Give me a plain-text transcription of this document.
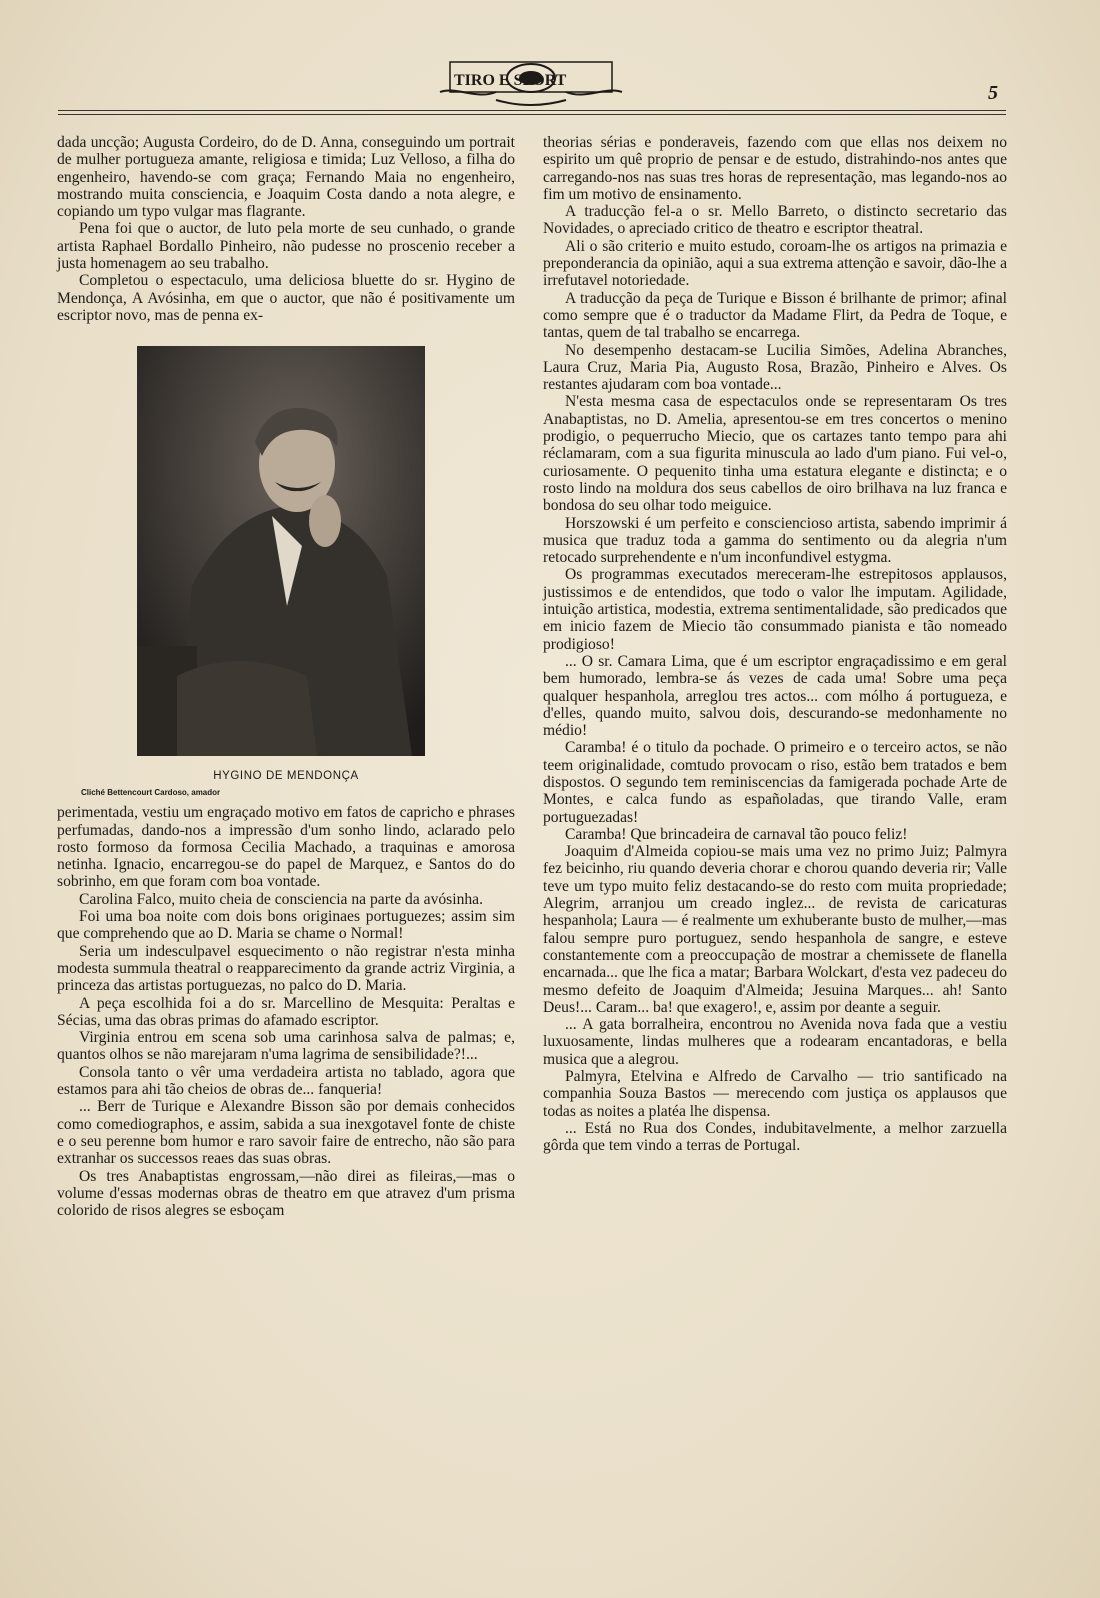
TIRO E SPORT
5

dada uncção; Augusta Cordeiro, do de D. Anna, conseguindo um portrait de mulher portugueza amante, religiosa e timida; Luz Velloso, a filha do engenheiro, havendo-se com graça; Fernando Maia no engenheiro, mostrando muita consciencia, e Joaquim Costa dando a nota alegre, e copiando um typo vulgar mas flagrante.

Pena foi que o auctor, de luto pela morte de seu cunhado, o grande artista Raphael Bordallo Pinheiro, não pudesse no proscenio receber a justa homenagem ao seu trabalho.

Completou o espectaculo, uma deliciosa bluette do sr. Hygino de Mendonça, A Avósinha, em que o auctor, que não é positivamente um escriptor novo, mas de penna ex-

HYGINO DE MENDONÇA
Cliché Bettencourt Cardoso, amador

perimentada, vestiu um engraçado motivo em fatos de capricho e phrases perfumadas, dando-nos a impressão d'um sonho lindo, aclarado pelo rosto formoso da formosa Cecilia Machado, a traquinas e amorosa netinha. Ignacio, encarregou-se do papel de Marquez, e Santos do do sobrinho, em que foram com boa vontade.

Carolina Falco, muito cheia de consciencia na parte da avósinha.

Foi uma boa noite com dois bons originaes portuguezes; assim sim que comprehendo que ao D. Maria se chame o Normal!

Seria um indesculpavel esquecimento o não registrar n'esta minha modesta summula theatral o reapparecimento da grande actriz Virginia, a princeza das artistas portuguezas, no palco do D. Maria.

A peça escolhida foi a do sr. Marcellino de Mesquita: Peraltas e Sécias, uma das obras primas do afamado escriptor.

Virginia entrou em scena sob uma carinhosa salva de palmas; e, quantos olhos se não marejaram n'uma lagrima de sensibilidade?!...

Consola tanto o vêr uma verdadeira artista no tablado, agora que estamos para ahi tão cheios de obras de... fanqueria!

... Berr de Turique e Alexandre Bisson são por demais conhecidos como comediographos, e assim, sabida a sua inexgotavel fonte de chiste e o seu perenne bom humor e raro savoir faire de entrecho, não são para extranhar os successos reaes das suas obras.

Os tres Anabaptistas engrossam,—não direi as fileiras,—mas o volume d'essas modernas obras de theatro em que atravez d'um prisma colorido de risos alegres se esboçam

theorias sérias e ponderaveis, fazendo com que ellas nos deixem no espirito um quê proprio de pensar e de estudo, distrahindo-nos antes que carregando-nos nas suas tres horas de representação, mas legando-nos ao fim um motivo de ensinamento.

A traducção fel-a o sr. Mello Barreto, o distincto secretario das Novidades, o apreciado critico de theatro e escriptor theatral.

Ali o são criterio e muito estudo, coroam-lhe os artigos na primazia e preponderancia da opinião, aqui a sua extrema attenção e savoir, dão-lhe a irrefutavel notoriedade.

A traducção da peça de Turique e Bisson é brilhante de primor; afinal como sempre que é o traductor da Madame Flirt, da Pedra de Toque, e tantas, quem de tal trabalho se encarrega.

No desempenho destacam-se Lucilia Simões, Adelina Abranches, Laura Cruz, Maria Pia, Augusto Rosa, Brazão, Pinheiro e Alves. Os restantes ajudaram com boa vontade...

N'esta mesma casa de espectaculos onde se representaram Os tres Anabaptistas, no D. Amelia, apresentou-se em tres concertos o menino prodigio, o pequerrucho Miecio, que os cartazes tanto tempo para ahi réclamaram, com a sua figurita minuscula ao lado d'um piano. Fui vel-o, curiosamente. O pequenito tinha uma estatura elegante e distincta; e o rosto lindo na moldura dos seus cabellos de oiro brilhava na luz franca e bondosa do seu olhar todo meiguice.

Horszowski é um perfeito e consciencioso artista, sabendo imprimir á musica que traduz toda a gamma do sentimento ou da alegria n'um retocado surprehendente e n'um inconfundivel estygma.

Os programmas executados mereceram-lhe estrepitosos applausos, justissimos e de entendidos, que todo o valor lhe imputam. Agilidade, intuição artistica, modestia, extrema sentimentalidade, são predicados que em inicio fazem de Miecio tão consummado pianista e tão nomeado prodigioso!

... O sr. Camara Lima, que é um escriptor engraçadissimo e em geral bem humorado, lembra-se ás vezes de cada uma! Sobre uma peça qualquer hespanhola, arreglou tres actos... com mólho á portugueza, e d'elles, quando muito, salvou dois, descurando-se medonhamente no médio!

Caramba! é o titulo da pochade. O primeiro e o terceiro actos, se não teem originalidade, comtudo provocam o riso, estão bem tratados e bem dispostos. O segundo tem reminiscencias da famigerada pochade Arte de Montes, e calca fundo as españoladas, que tirando Valle, eram portuguezadas!

Caramba! Que brincadeira de carnaval tão pouco feliz!

Joaquim d'Almeida copiou-se mais uma vez no primo Juiz; Palmyra fez beicinho, riu quando deveria chorar e chorou quando deveria rir; Valle teve um typo muito feliz destacando-se do resto com muita propriedade; Alegrim, arranjou um creado inglez... de revista de caricaturas hespanhola; Laura — é realmente um exhuberante busto de mulher,—mas falou sempre puro portuguez, sendo hespanhola de sangre, e esteve constantemente com a preoccupação de mostrar a chemissete de flanella encarnada... que lhe fica a matar; Barbara Wolckart, d'esta vez padeceu do mesmo defeito de Joaquim d'Almeida; Jesuina Marques... ah! Santo Deus!... Caram... ba! que exagero!, e, assim por deante a seguir.

... A gata borralheira, encontrou no Avenida nova fada que a vestiu luxuosamente, lindas mulheres que a rodearam encantadoras, e bella musica que a alegrou.

Palmyra, Etelvina e Alfredo de Carvalho — trio santificado na companhia Souza Bastos — merecendo com justiça os applausos que todas as noites a platéa lhe dispensa.

... Está no Rua dos Condes, indubitavelmente, a melhor zarzuella gôrda que tem vindo a terras de Portugal.
